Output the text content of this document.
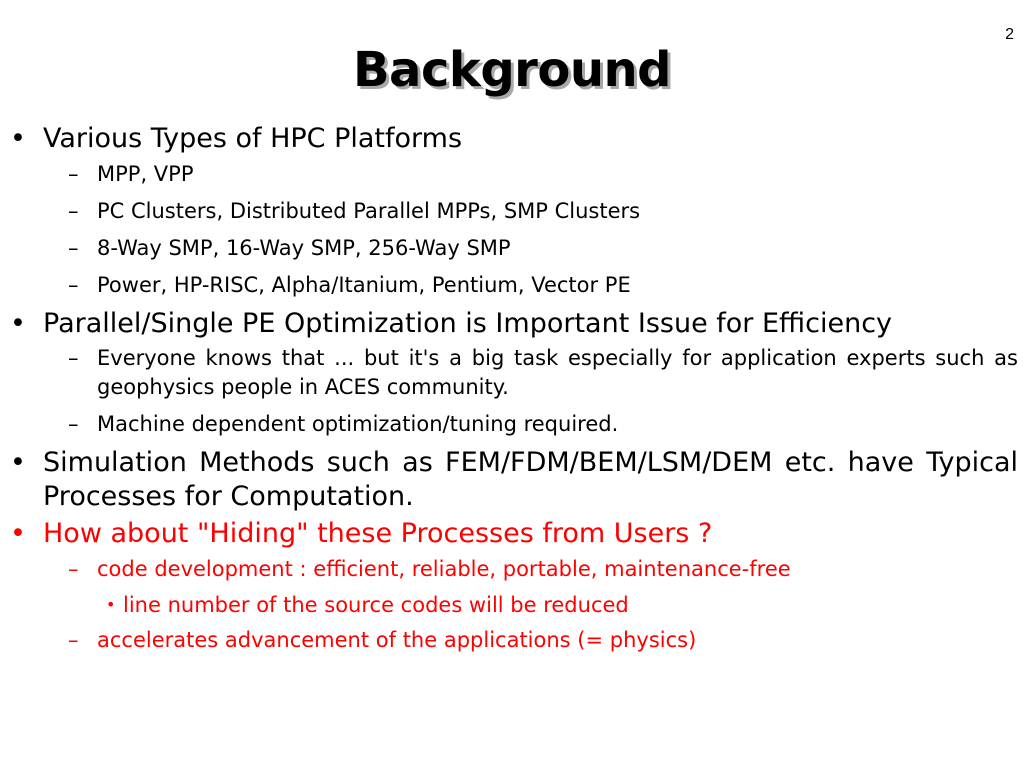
2
Background
• Various Types of HPC Platforms
– MPP, VPP
– PC Clusters, Distributed Parallel MPPs, SMP Clusters
– 8-Way SMP, 16-Way SMP, 256-Way SMP
– Power, HP-RISC, Alpha/Itanium, Pentium, Vector PE
• Parallel/Single PE Optimization is Important Issue for Efficiency
– Everyone knows that ... but it's a big task especially for application experts such as geophysics people in ACES community.
– Machine dependent optimization/tuning required.
• Simulation Methods such as FEM/FDM/BEM/LSM/DEM etc. have Typical Processes for Computation.
• How about "Hiding" these Processes from Users ?
– code development : efficient, reliable, portable, maintenance-free
• line number of the source codes will be reduced
– accelerates advancement of the applications (= physics)
